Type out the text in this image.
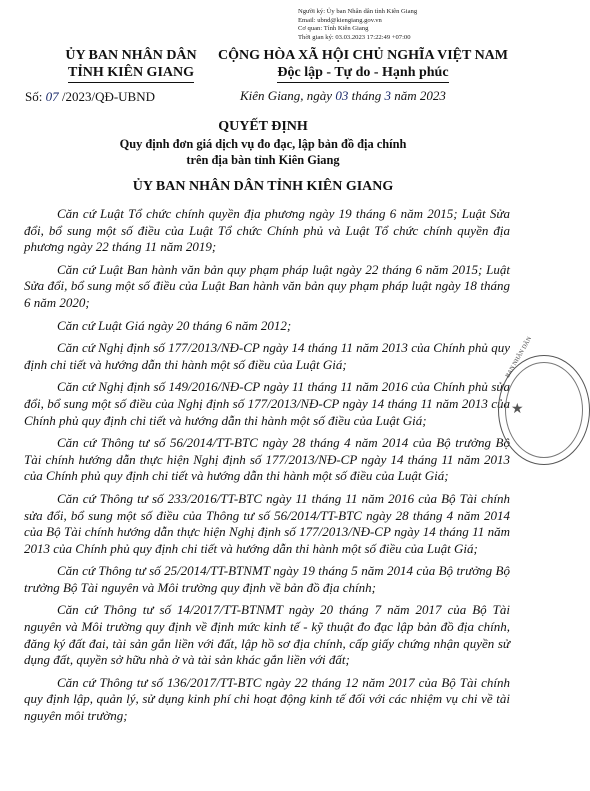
Người ký: Ủy ban Nhân dân tỉnh Kiên Giang
Email: ubnd@kiengiang.gov.vn
Cơ quan: Tỉnh Kiên Giang
Thời gian ký: 03.03.2023 17:22:49 +07:00
ỦY BAN NHÂN DÂN
TỈNH KIÊN GIANG
CỘNG HÒA XÃ HỘI CHỦ NGHĨA VIỆT NAM
Độc lập - Tự do - Hạnh phúc
Số: 07 /2023/QĐ-UBND	Kiên Giang, ngày 03 tháng 3 năm 2023
QUYẾT ĐỊNH
Quy định đơn giá dịch vụ đo đạc, lập bản đồ địa chính
trên địa bàn tỉnh Kiên Giang
ỦY BAN NHÂN DÂN TỈNH KIÊN GIANG

Căn cứ Luật Tổ chức chính quyền địa phương ngày 19 tháng 6 năm 2015; Luật Sửa đổi, bổ sung một số điều của Luật Tổ chức Chính phủ và Luật Tổ chức chính quyền địa phương ngày 22 tháng 11 năm 2019;

Căn cứ Luật Ban hành văn bản quy phạm pháp luật ngày 22 tháng 6 năm 2015; Luật Sửa đổi, bổ sung một số điều của Luật Ban hành văn bản quy phạm pháp luật ngày 18 tháng 6 năm 2020;

Căn cứ Luật Giá ngày 20 tháng 6 năm 2012;

Căn cứ Nghị định số 177/2013/NĐ-CP ngày 14 tháng 11 năm 2013 của Chính phủ quy định chi tiết và hướng dẫn thi hành một số điều của Luật Giá;

Căn cứ Nghị định số 149/2016/NĐ-CP ngày 11 tháng 11 năm 2016 của Chính phủ sửa đổi, bổ sung một số điều của Nghị định số 177/2013/NĐ-CP ngày 14 tháng 11 năm 2013 của Chính phủ quy định chi tiết và hướng dẫn thi hành một số điều của Luật Giá;

Căn cứ Thông tư số 56/2014/TT-BTC ngày 28 tháng 4 năm 2014 của Bộ trưởng Bộ Tài chính hướng dẫn thực hiện Nghị định số 177/2013/NĐ-CP ngày 14 tháng 11 năm 2013 của Chính phủ quy định chi tiết và hướng dẫn thi hành một số điều của Luật Giá;

Căn cứ Thông tư số 233/2016/TT-BTC ngày 11 tháng 11 năm 2016 của Bộ Tài chính sửa đổi, bổ sung một số điều của Thông tư số 56/2014/TT-BTC ngày 28 tháng 4 năm 2014 của Bộ Tài chính hướng dẫn thực hiện Nghị định số 177/2013/NĐ-CP ngày 14 tháng 11 năm 2013 của Chính phủ quy định chi tiết và hướng dẫn thi hành một số điều của Luật Giá;

Căn cứ Thông tư số 25/2014/TT-BTNMT ngày 19 tháng 5 năm 2014 của Bộ trưởng Bộ trưởng Bộ Tài nguyên và Môi trường quy định về bản đồ địa chính;

Căn cứ Thông tư số 14/2017/TT-BTNMT ngày 20 tháng 7 năm 2017 của Bộ Tài nguyên và Môi trường quy định về định mức kinh tế - kỹ thuật đo đạc lập bản đồ địa chính, đăng ký đất đai, tài sản gắn liền với đất, lập hồ sơ địa chính, cấp giấy chứng nhận quyền sử dụng đất, quyền sở hữu nhà ở và tài sản khác gắn liền với đất;

Căn cứ Thông tư số 136/2017/TT-BTC ngày 22 tháng 12 năm 2017 của Bộ Tài chính quy định lập, quản lý, sử dụng kinh phí chi hoạt động kinh tế đối với các nhiệm vụ chi về tài nguyên môi trường;

BAN NHÂN DÂN
★
